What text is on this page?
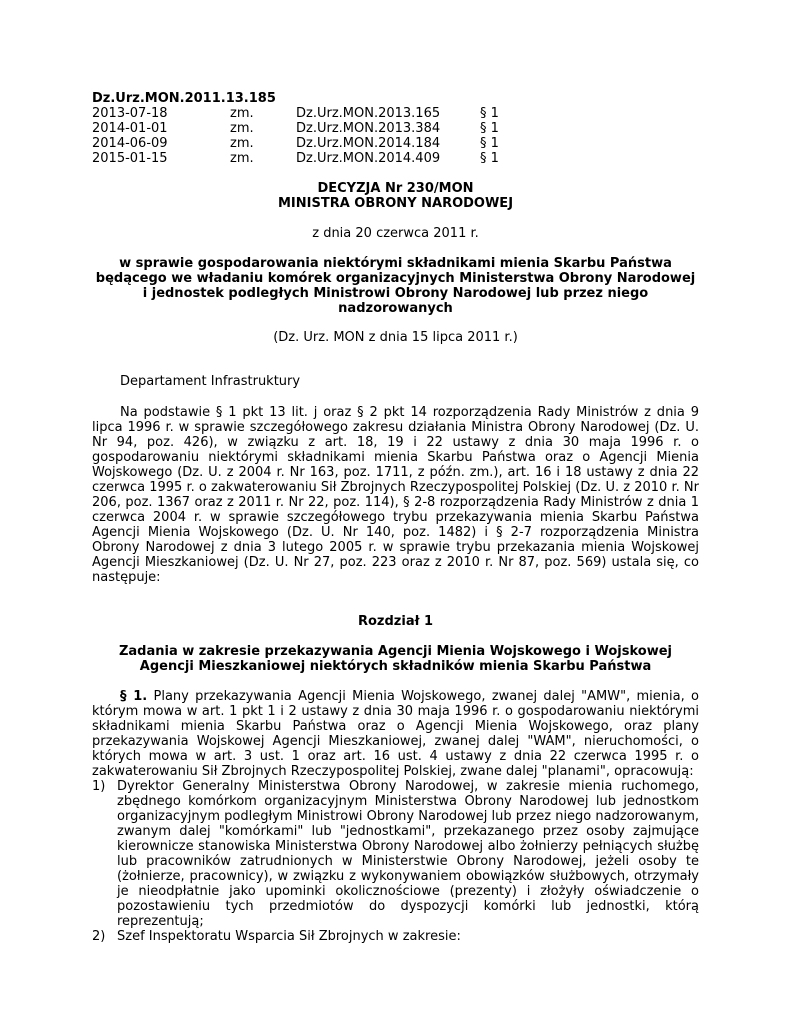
Dz.Urz.MON.2011.13.185
2013-07-18	zm.	Dz.Urz.MON.2013.165	§ 1
2014-01-01	zm.	Dz.Urz.MON.2013.384	§ 1
2014-06-09	zm.	Dz.Urz.MON.2014.184	§ 1
2015-01-15	zm.	Dz.Urz.MON.2014.409	§ 1
DECYZJA Nr 230/MON
MINISTRA OBRONY NARODOWEJ
z dnia 20 czerwca 2011 r.
w sprawie gospodarowania niektórymi składnikami mienia Skarbu Państwa będącego we władaniu komórek organizacyjnych Ministerstwa Obrony Narodowej i jednostek podległych Ministrowi Obrony Narodowej lub przez niego nadzorowanych
(Dz. Urz. MON z dnia 15 lipca 2011 r.)
Departament Infrastruktury
Na podstawie § 1 pkt 13 lit. j oraz § 2 pkt 14 rozporządzenia Rady Ministrów z dnia 9 lipca 1996 r. w sprawie szczegółowego zakresu działania Ministra Obrony Narodowej (Dz. U. Nr 94, poz. 426), w związku z art. 18, 19 i 22 ustawy z dnia 30 maja 1996 r. o gospodarowaniu niektórymi składnikami mienia Skarbu Państwa oraz o Agencji Mienia Wojskowego (Dz. U. z 2004 r. Nr 163, poz. 1711, z późn. zm.), art. 16 i 18 ustawy z dnia 22 czerwca 1995 r. o zakwaterowaniu Sił Zbrojnych Rzeczypospolitej Polskiej (Dz. U. z 2010 r. Nr 206, poz. 1367 oraz z 2011 r. Nr 22, poz. 114), § 2-8 rozporządzenia Rady Ministrów z dnia 1 czerwca 2004 r. w sprawie szczegółowego trybu przekazywania mienia Skarbu Państwa Agencji Mienia Wojskowego (Dz. U. Nr 140, poz. 1482) i § 2-7 rozporządzenia Ministra Obrony Narodowej z dnia 3 lutego 2005 r. w sprawie trybu przekazania mienia Wojskowej Agencji Mieszkaniowej (Dz. U. Nr 27, poz. 223 oraz z 2010 r. Nr 87, poz. 569) ustala się, co następuje:
Rozdział 1
Zadania w zakresie przekazywania Agencji Mienia Wojskowego i Wojskowej Agencji Mieszkaniowej niektórych składników mienia Skarbu Państwa
§ 1. Plany przekazywania Agencji Mienia Wojskowego, zwanej dalej "AMW", mienia, o którym mowa w art. 1 pkt 1 i 2 ustawy z dnia 30 maja 1996 r. o gospodarowaniu niektórymi składnikami mienia Skarbu Państwa oraz o Agencji Mienia Wojskowego, oraz plany przekazywania Wojskowej Agencji Mieszkaniowej, zwanej dalej "WAM", nieruchomości, o których mowa w art. 3 ust. 1 oraz art. 16 ust. 4 ustawy z dnia 22 czerwca 1995 r. o zakwaterowaniu Sił Zbrojnych Rzeczypospolitej Polskiej, zwane dalej "planami", opracowują:
1) Dyrektor Generalny Ministerstwa Obrony Narodowej, w zakresie mienia ruchomego, zbędnego komórkom organizacyjnym Ministerstwa Obrony Narodowej lub jednostkom organizacyjnym podległym Ministrowi Obrony Narodowej lub przez niego nadzorowanym, zwanym dalej "komórkami" lub "jednostkami", przekazanego przez osoby zajmujące kierownicze stanowiska Ministerstwa Obrony Narodowej albo żołnierzy pełniących służbę lub pracowników zatrudnionych w Ministerstwie Obrony Narodowej, jeżeli osoby te (żołnierze, pracownicy), w związku z wykonywaniem obowiązków służbowych, otrzymały je nieodpłatnie jako upominki okolicznościowe (prezenty) i złożyły oświadczenie o pozostawieniu tych przedmiotów do dyspozycji komórki lub jednostki, którą reprezentują;
2) Szef Inspektoratu Wsparcia Sił Zbrojnych w zakresie:
